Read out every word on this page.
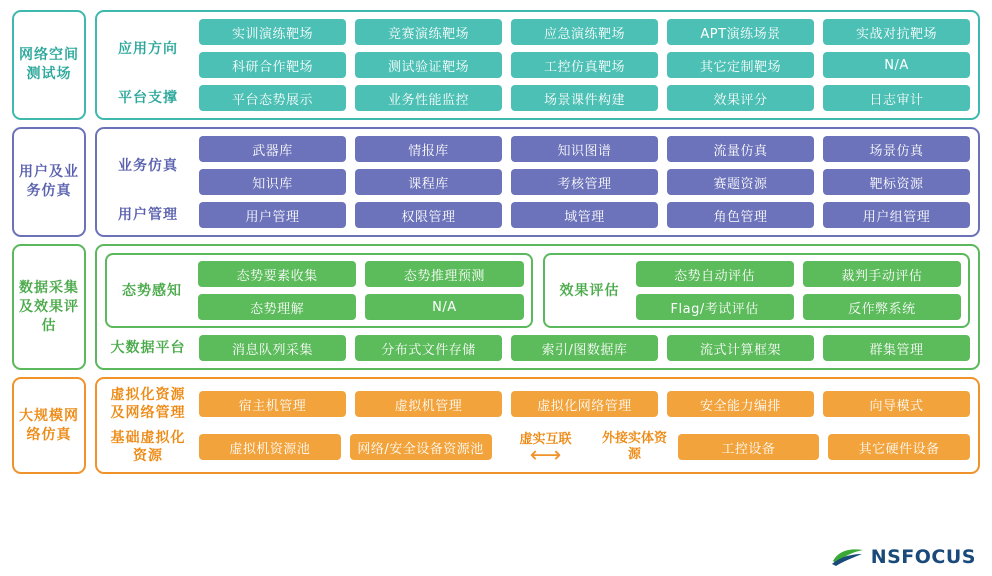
网络空间测试场
应用方向
实训演练靶场	竞赛演练靶场	应急演练靶场	APT演练场景	实战对抗靶场
科研合作靶场	测试验证靶场	工控仿真靶场	其它定制靶场	N/A
平台支撑	平台态势展示	业务性能监控	场景课件构建	效果评分	日志审计
用户及业务仿真
业务仿真
武器库	情报库	知识图谱	流量仿真	场景仿真
知识库	课程库	考核管理	赛题资源	靶标资源
用户管理	用户管理	权限管理	域管理	角色管理	用户组管理
数据采集及效果评估
态势感知
态势要素收集	态势推理预测
态势理解	N/A
效果评估
态势自动评估	裁判手动评估
Flag/考试评估	反作弊系统
大数据平台	消息队列采集	分布式文件存储	索引/图数据库	流式计算框架	群集管理
大规模网络仿真
虚拟化资源及网络管理	宿主机管理	虚拟机管理	虚拟化网络管理	安全能力编排	向导模式
基础虚拟化资源	虚拟机资源池	网络/安全设备资源池
虚实互联
⟷
外接实体资源	工控设备	其它硬件设备
NSFOCUS
